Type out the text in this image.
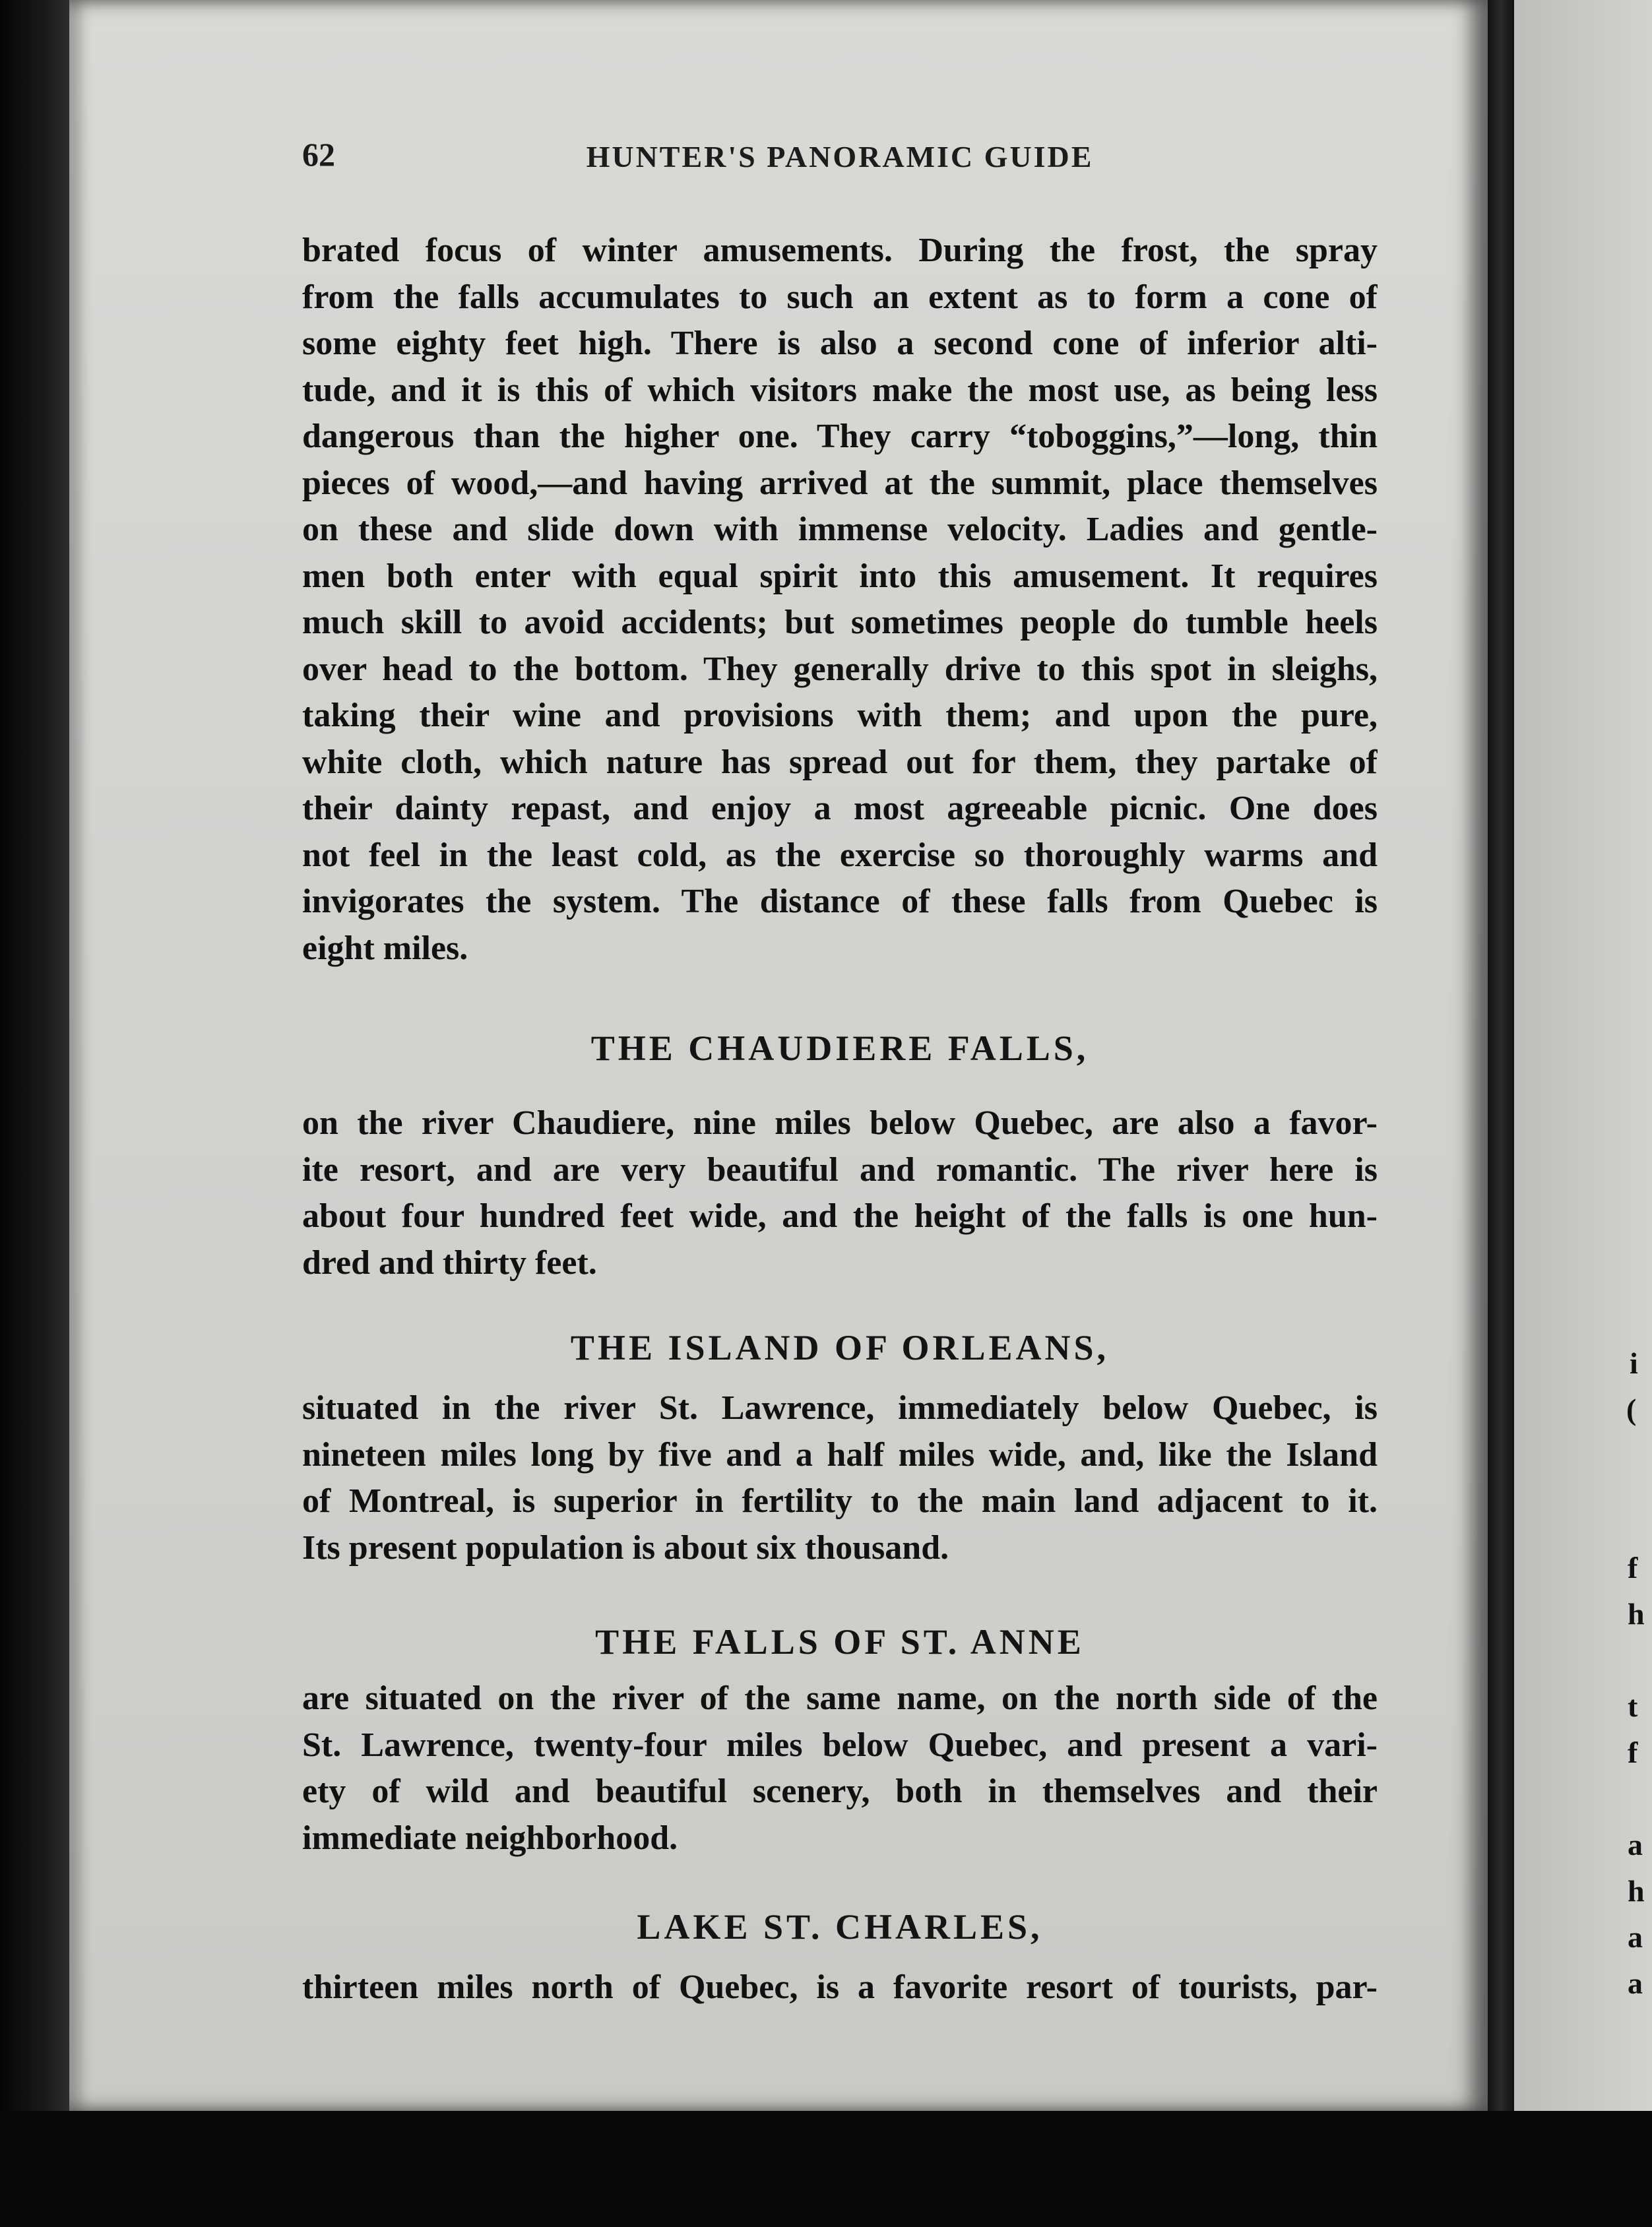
62	HUNTER'S PANORAMIC GUIDE
brated focus of winter amusements. During the frost, the spray
from the falls accumulates to such an extent as to form a cone of
some eighty feet high. There is also a second cone of inferior alti-
tude, and it is this of which visitors make the most use, as being less
dangerous than the higher one. They carry “toboggins,”—long, thin
pieces of wood,—and having arrived at the summit, place themselves
on these and slide down with immense velocity. Ladies and gentle-
men both enter with equal spirit into this amusement. It requires
much skill to avoid accidents; but sometimes people do tumble heels
over head to the bottom. They generally drive to this spot in sleighs,
taking their wine and provisions with them; and upon the pure,
white cloth, which nature has spread out for them, they partake of
their dainty repast, and enjoy a most agreeable picnic. One does
not feel in the least cold, as the exercise so thoroughly warms and
invigorates the system. The distance of these falls from Quebec is
eight miles.
THE CHAUDIERE FALLS,
on the river Chaudiere, nine miles below Quebec, are also a favor-
ite resort, and are very beautiful and romantic. The river here is
about four hundred feet wide, and the height of the falls is one hun-
dred and thirty feet.
THE ISLAND OF ORLEANS,
situated in the river St. Lawrence, immediately below Quebec, is
nineteen miles long by five and a half miles wide, and, like the Island
of Montreal, is superior in fertility to the main land adjacent to it.
Its present population is about six thousand.
THE FALLS OF ST. ANNE
are situated on the river of the same name, on the north side of the
St. Lawrence, twenty-four miles below Quebec, and present a vari-
ety of wild and beautiful scenery, both in themselves and their
immediate neighborhood.
LAKE ST. CHARLES,
thirteen miles north of Quebec, is a favorite resort of tourists, par-
i
(
f
h
t
f
a
h
a
a
